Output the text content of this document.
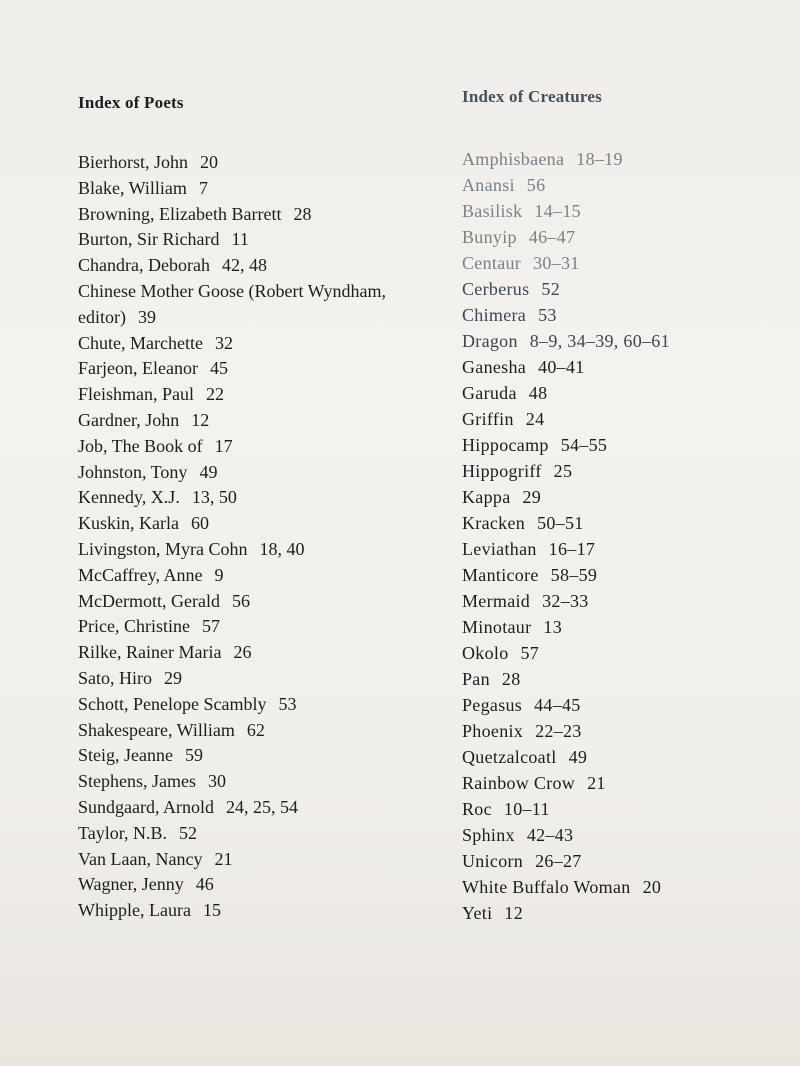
Index of Poets
Bierhorst, John 20
Blake, William 7
Browning, Elizabeth Barrett 28
Burton, Sir Richard 11
Chandra, Deborah 42, 48
Chinese Mother Goose (Robert Wyndham, editor) 39
Chute, Marchette 32
Farjeon, Eleanor 45
Fleishman, Paul 22
Gardner, John 12
Job, The Book of 17
Johnston, Tony 49
Kennedy, X.J. 13, 50
Kuskin, Karla 60
Livingston, Myra Cohn 18, 40
McCaffrey, Anne 9
McDermott, Gerald 56
Price, Christine 57
Rilke, Rainer Maria 26
Sato, Hiro 29
Schott, Penelope Scambly 53
Shakespeare, William 62
Steig, Jeanne 59
Stephens, James 30
Sundgaard, Arnold 24, 25, 54
Taylor, N.B. 52
Van Laan, Nancy 21
Wagner, Jenny 46
Whipple, Laura 15
Index of Creatures
Amphisbaena 18–19
Anansi 56
Basilisk 14–15
Bunyip 46–47
Centaur 30–31
Cerberus 52
Chimera 53
Dragon 8–9, 34–39, 60–61
Ganesha 40–41
Garuda 48
Griffin 24
Hippocamp 54–55
Hippogriff 25
Kappa 29
Kracken 50–51
Leviathan 16–17
Manticore 58–59
Mermaid 32–33
Minotaur 13
Okolo 57
Pan 28
Pegasus 44–45
Phoenix 22–23
Quetzalcoatl 49
Rainbow Crow 21
Roc 10–11
Sphinx 42–43
Unicorn 26–27
White Buffalo Woman 20
Yeti 12
